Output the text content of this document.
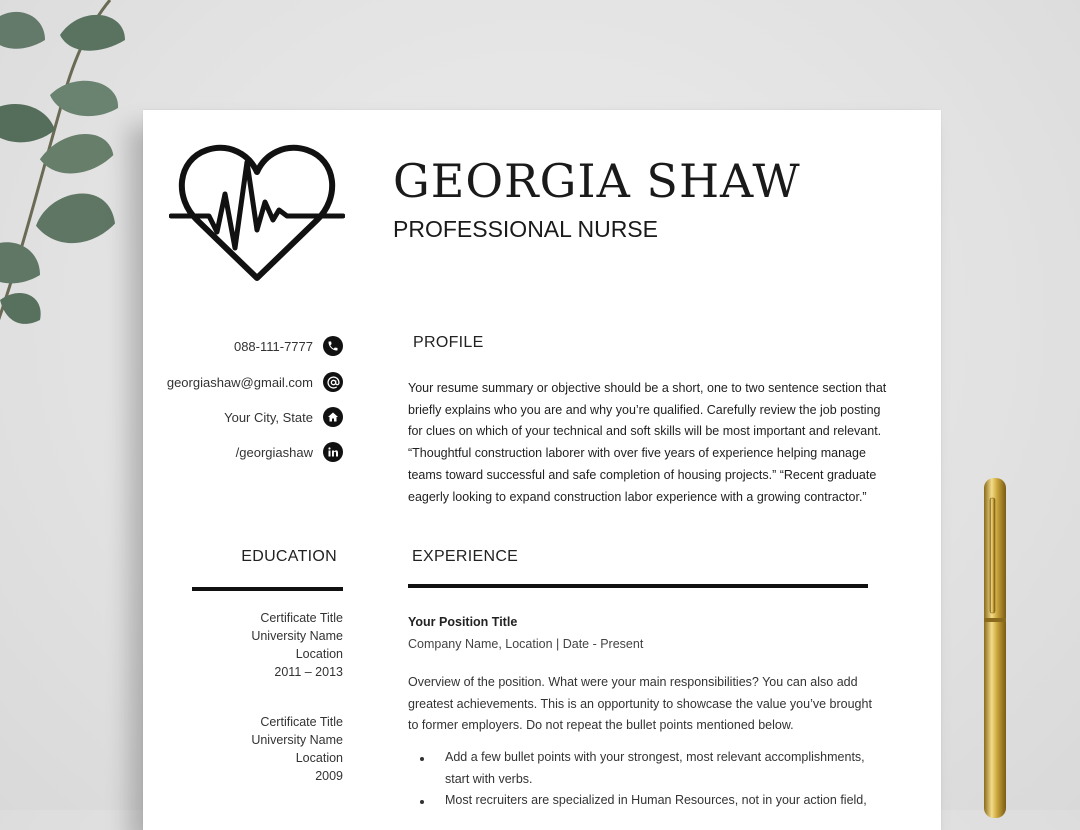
GEORGIA SHAW
PROFESSIONAL NURSE
088-111-7777
georgiashaw@gmail.com
Your City, State
/georgiashaw
PROFILE

Your resume summary or objective should be a short, one to two sentence section that briefly explains who you are and why you’re qualified. Carefully review the job posting for clues on which of your technical and soft skills will be most important and relevant. “Thoughtful construction laborer with over five years of experience helping manage teams toward successful and safe completion of housing projects.” “Recent graduate eagerly looking to expand construction labor experience with a growing contractor.”

EDUCATION
Certificate Title
University Name
Location
2011 – 2013
Certificate Title
University Name
Location
2009
EXPERIENCE
Your Position Title
Company Name, Location | Date - Present

Overview of the position. What were your main responsibilities? You can also add greatest achievements. This is an opportunity to showcase the value you’ve brought to former employers. Do not repeat the bullet points mentioned below.

Add a few bullet points with your strongest, most relevant accomplishments, start with verbs.
Most recruiters are specialized in Human Resources, not in your action field,
